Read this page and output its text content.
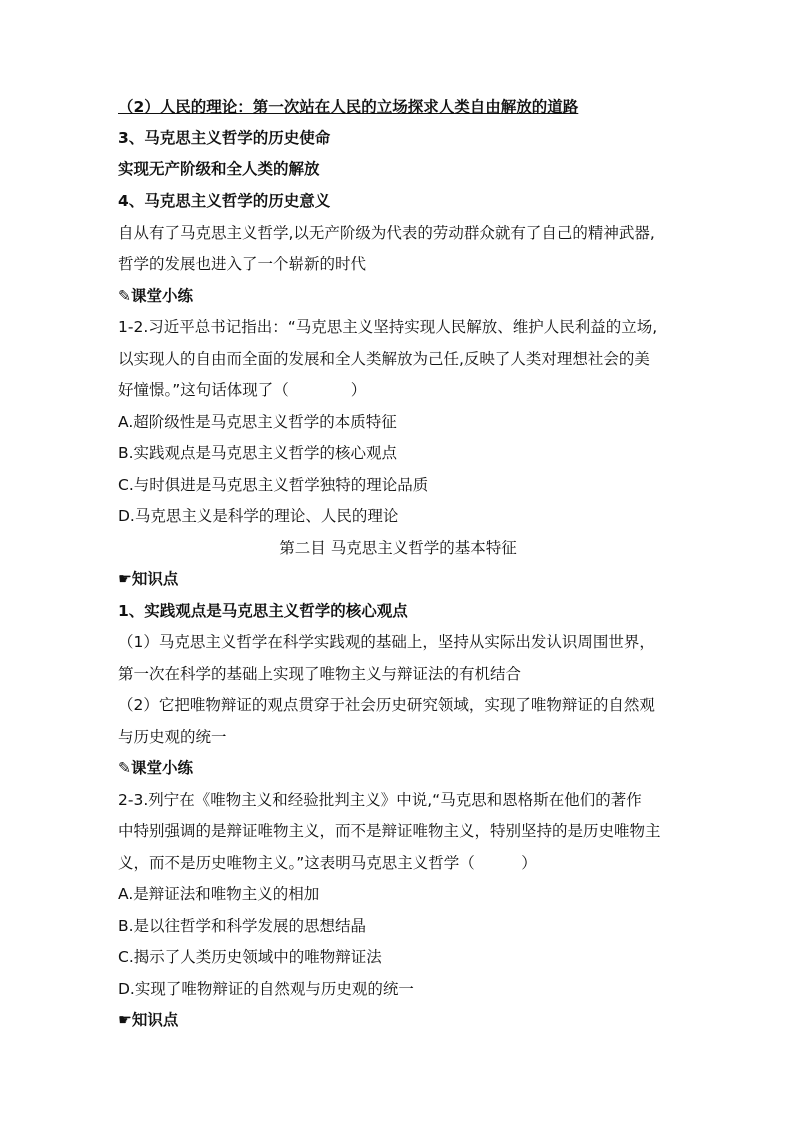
（2）人民的理论：第一次站在人民的立场探求人类自由解放的道路
3、马克思主义哲学的历史使命
实现无产阶级和全人类的解放
4、马克思主义哲学的历史意义
自从有了马克思主义哲学,以无产阶级为代表的劳动群众就有了自己的精神武器,
哲学的发展也进入了一个崭新的时代
✎课堂小练
1-2.习近平总书记指出：“马克思主义坚持实现人民解放、维护人民利益的立场,
以实现人的自由而全面的发展和全人类解放为己任,反映了人类对理想社会的美
好憧憬。”这句话体现了（　　　　）
A.超阶级性是马克思主义哲学的本质特征
B.实践观点是马克思主义哲学的核心观点
C.与时俱进是马克思主义哲学独特的理论品质
D.马克思主义是科学的理论、人民的理论
第二目 马克思主义哲学的基本特征
☛知识点
1、实践观点是马克思主义哲学的核心观点
（1）马克思主义哲学在科学实践观的基础上，坚持从实际出发认识周围世界，
第一次在科学的基础上实现了唯物主义与辩证法的有机结合
（2）它把唯物辩证的观点贯穿于社会历史研究领域，实现了唯物辩证的自然观
与历史观的统一
✎课堂小练
2-3.列宁在《唯物主义和经验批判主义》中说,“马克思和恩格斯在他们的著作
中特别强调的是辩证唯物主义，而不是辩证唯物主义，特别坚持的是历史唯物主
义，而不是历史唯物主义。”这表明马克思主义哲学（　　　）
A.是辩证法和唯物主义的相加
B.是以往哲学和科学发展的思想结晶
C.揭示了人类历史领域中的唯物辩证法
D.实现了唯物辩证的自然观与历史观的统一
☛知识点
